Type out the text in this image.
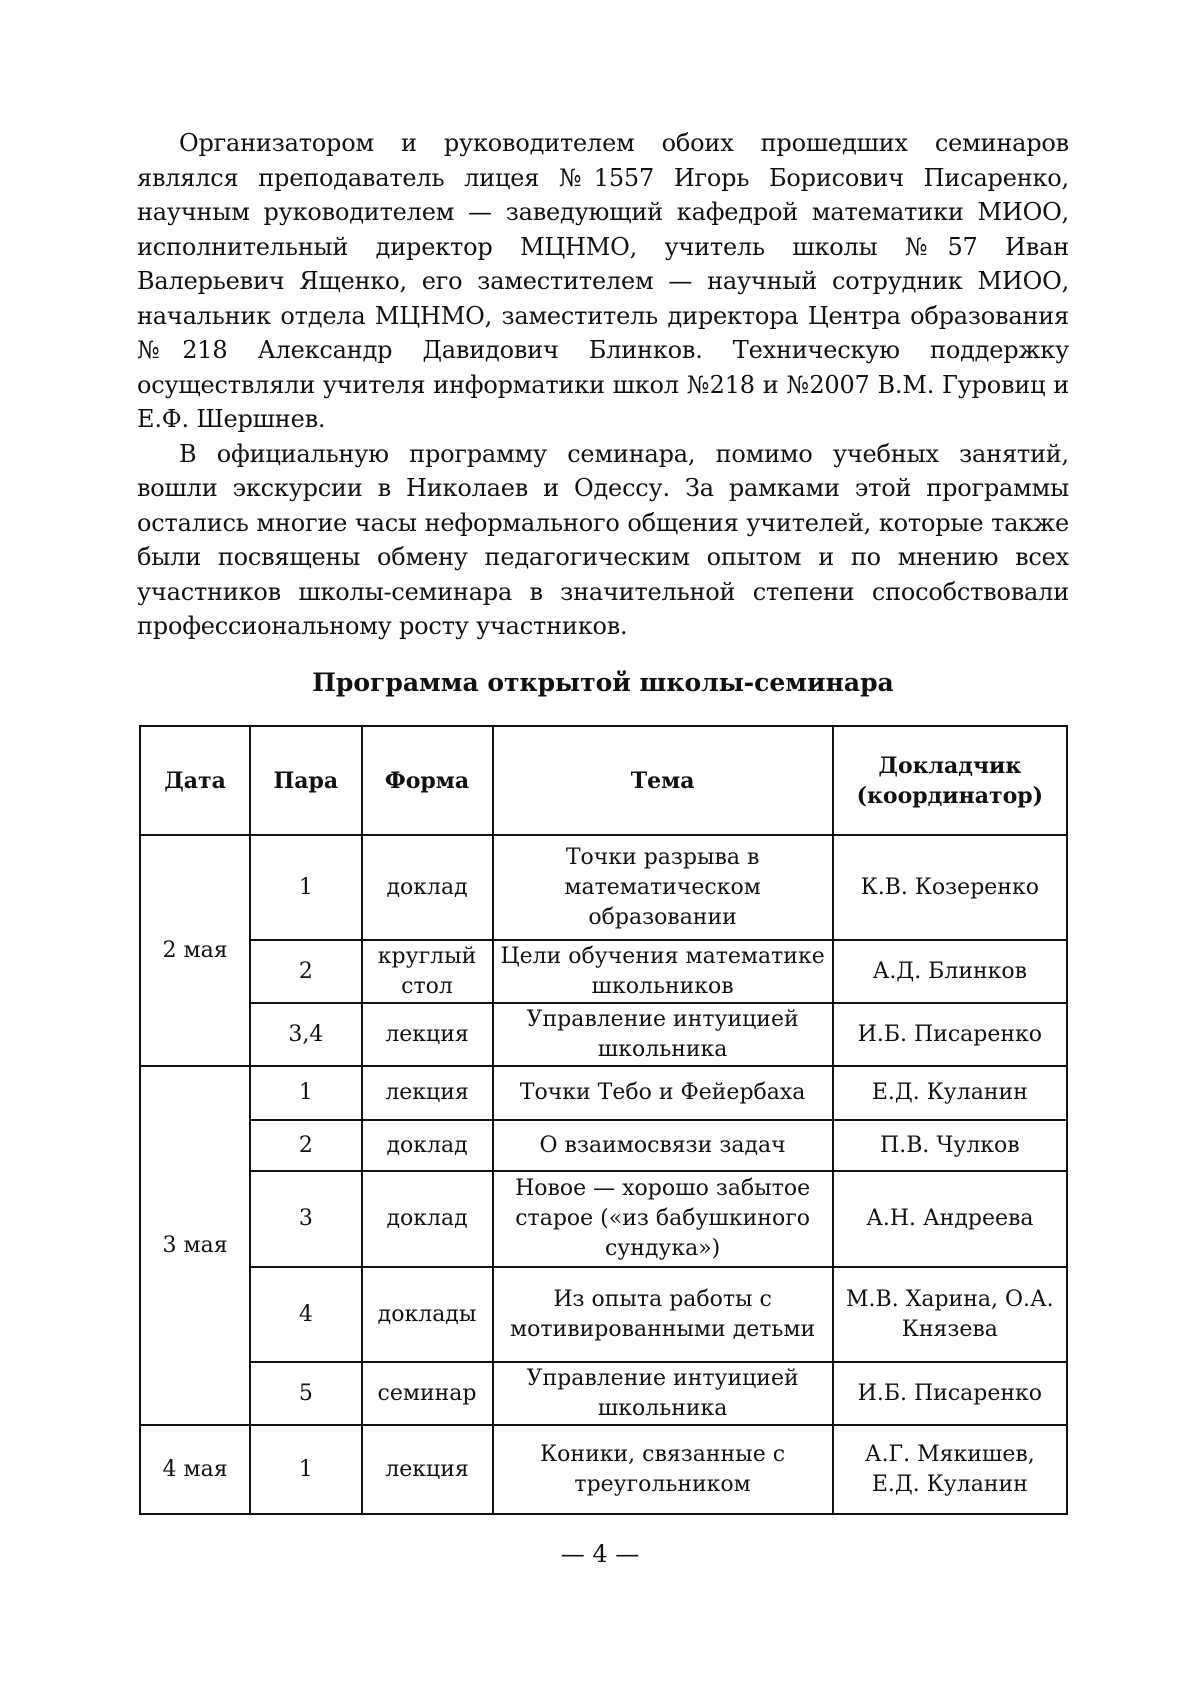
Организатором и руководителем обоих прошедших семинаров являлся преподаватель лицея №1557 Игорь Борисович Писаренко, научным руководителем — заведующий кафедрой математики МИОО, исполнительный директор МЦНМО, учитель школы №57 Иван Валерьевич Ященко, его заместителем — научный сотрудник МИОО, начальник отдела МЦНМО, заместитель директора Центра образования №218 Александр Давидович Блинков. Техническую поддержку осуществляли учителя информатики школ №218 и №2007 В.М. Гуровиц и Е.Ф. Шершнев.

В официальную программу семинара, помимо учебных занятий, вошли экскурсии в Николаев и Одессу. За рамками этой программы остались многие часы неформального общения учителей, которые также были посвящены обмену педагогическим опытом и по мнению всех участников школы-семинара в значительной степени способствовали профессиональному росту участников.

Программа открытой школы-семинара
Дата	Пара	Форма	Тема	Докладчик (координатор)
2 мая	1	доклад	Точки разрыва в математическом образовании	К.В. Козеренко
	2	круглый стол	Цели обучения математике школьников	А.Д. Блинков
	3,4	лекция	Управление интуицией школьника	И.Б. Писаренко
3 мая	1	лекция	Точки Тебо и Фейербаха	Е.Д. Куланин
	2	доклад	О взаимосвязи задач	П.В. Чулков
	3	доклад	Новое — хорошо забытое старое («из бабушкиного сундука»)	А.Н. Андреева
	4	доклады	Из опыта работы с мотивированными детьми	М.В. Харина, О.А. Князева
	5	семинар	Управление интуицией школьника	И.Б. Писаренко
4 мая	1	лекция	Коники, связанные с треугольником	А.Г. Мякишев, Е.Д. Куланин
— 4 —
